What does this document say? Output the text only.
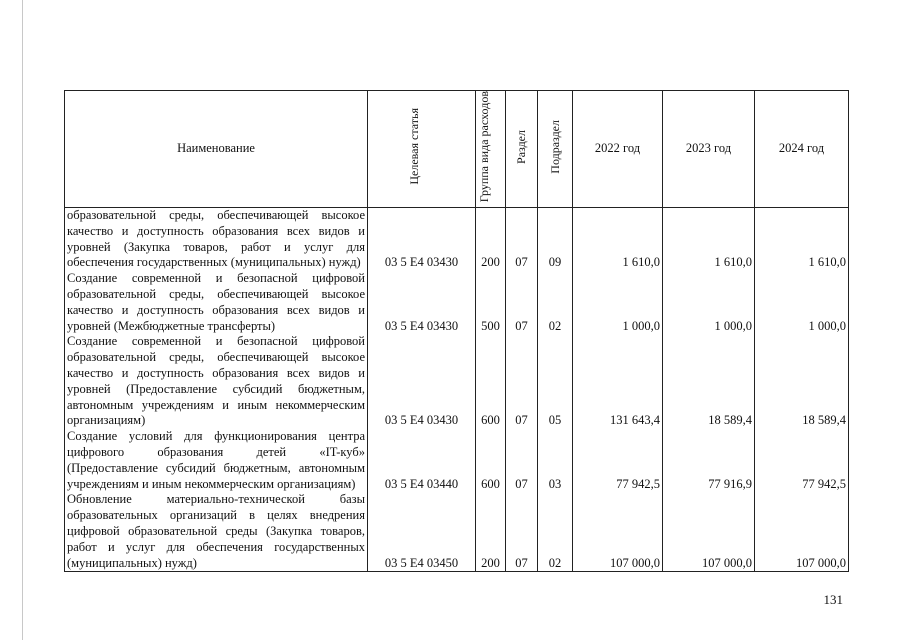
Наименование	Целевая статья	Группа вида расходов	Раздел	Подраздел	2022 год	2023 год	2024 год
образовательной среды, обеспечивающей высокое качество и доступность образования всех видов и уровней (Закупка товаров, работ и услуг для обеспечения государственных (муниципальных) нужд)	03 5 Е4 03430	200	07	09	1 610,0	1 610,0	1 610,0
Создание современной и безопасной цифровой образовательной среды, обеспечивающей высокое качество и доступность образования всех видов и уровней (Межбюджетные трансферты)	03 5 Е4 03430	500	07	02	1 000,0	1 000,0	1 000,0
Создание современной и безопасной цифровой образовательной среды, обеспечивающей высокое качество и доступность образования всех видов и уровней (Предоставление субсидий бюджетным, автономным учреждениям и иным некоммерческим организациям)	03 5 Е4 03430	600	07	05	131 643,4	18 589,4	18 589,4
Создание условий для функционирования центра цифрового образования детей «IT-куб» (Предоставление субсидий бюджетным, автономным учреждениям и иным некоммерческим организациям)	03 5 Е4 03440	600	07	03	77 942,5	77 916,9	77 942,5
Обновление материально-технической базы образовательных организаций в целях внедрения цифровой образовательной среды (Закупка товаров, работ и услуг для обеспечения государственных (муниципальных) нужд)	03 5 Е4 03450	200	07	02	107 000,0	107 000,0	107 000,0
131
